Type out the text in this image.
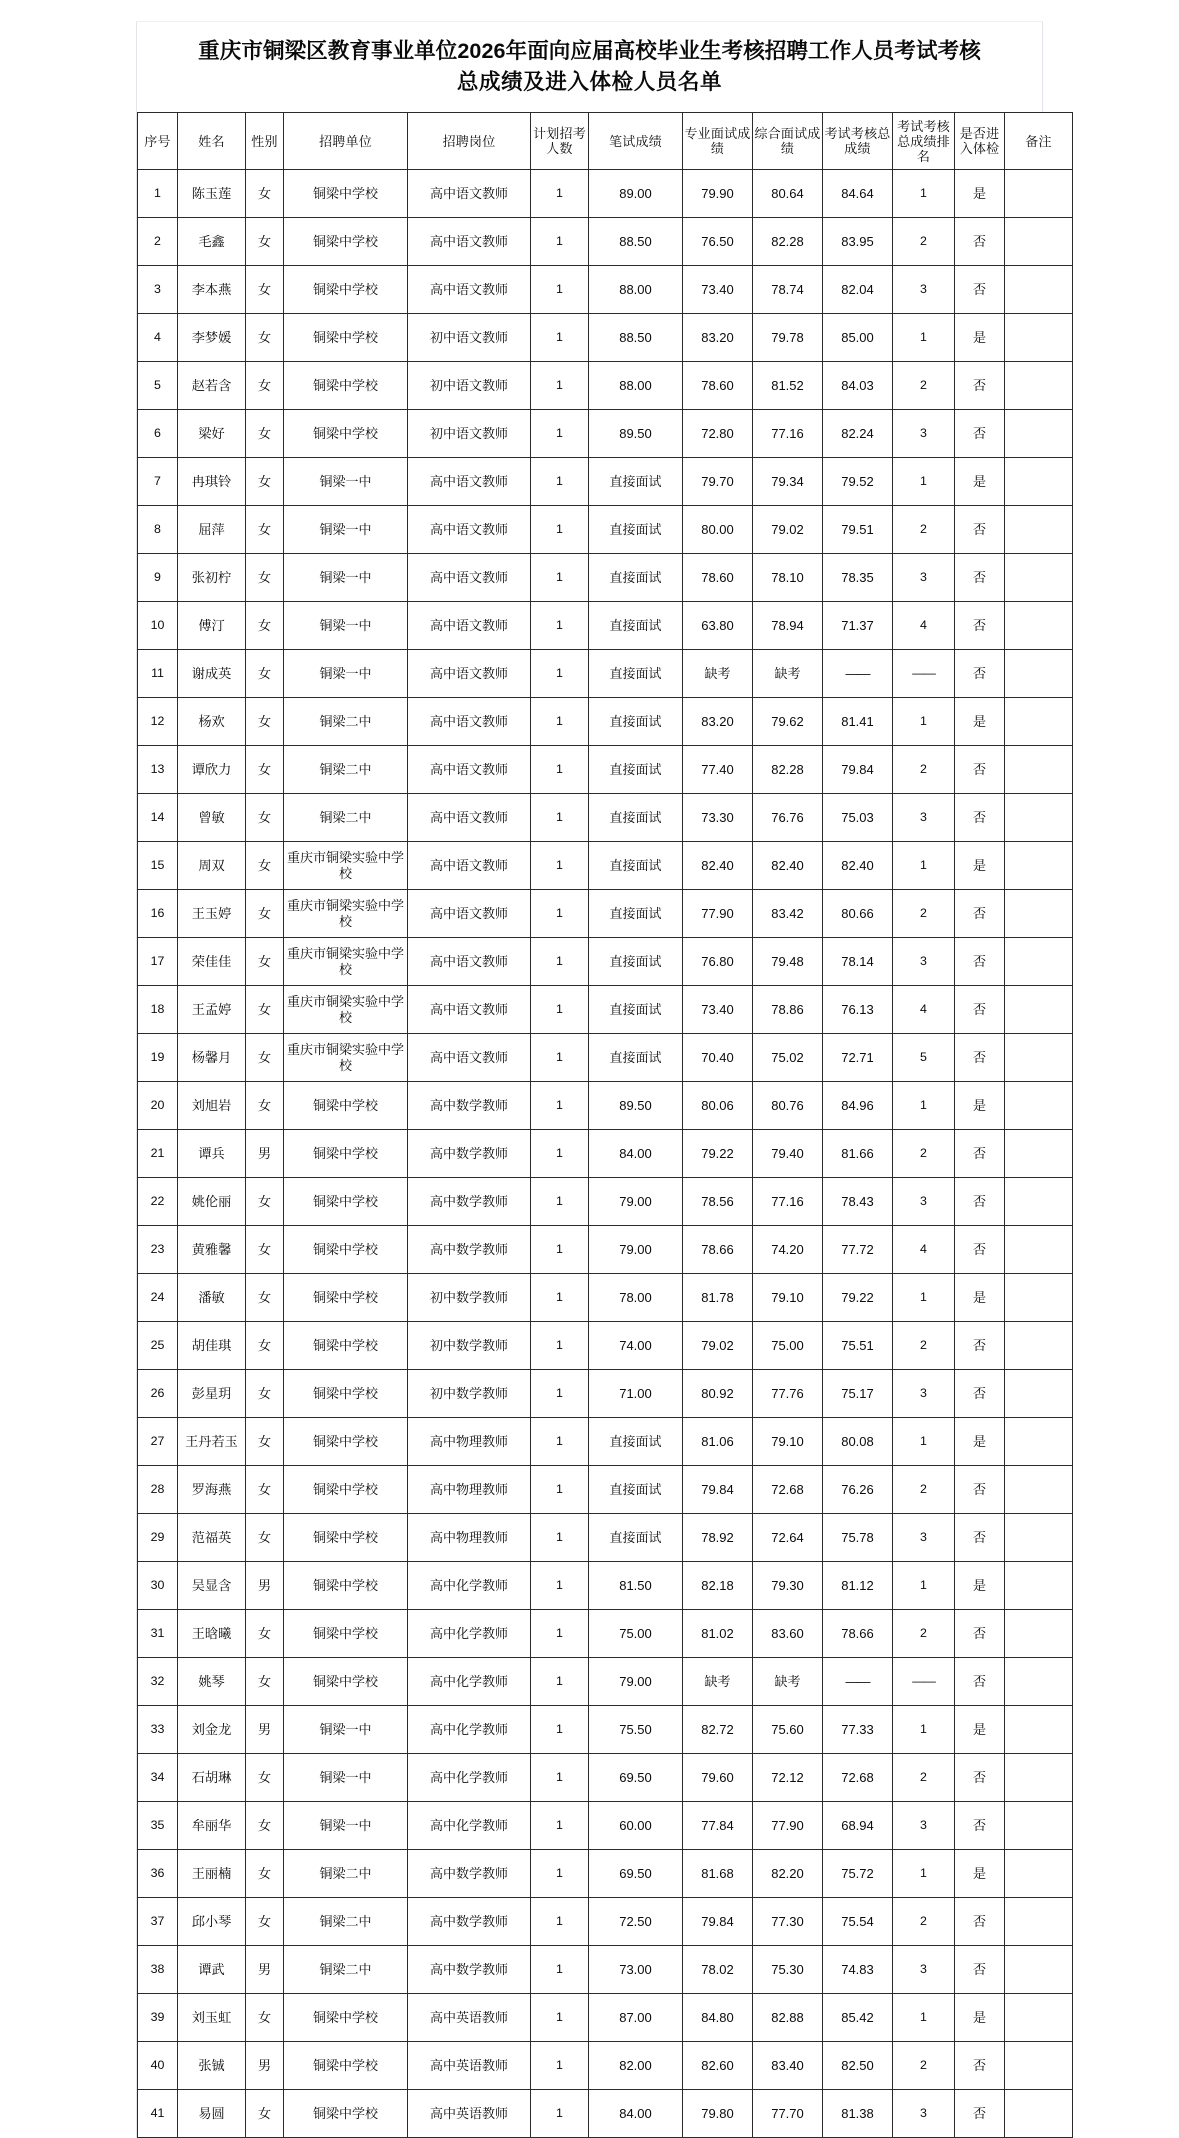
重庆市铜梁区教育事业单位2026年面向应届高校毕业生考核招聘工作人员考试考核
总成绩及进入体检人员名单
序号	姓名	性别	招聘单位	招聘岗位	计划招考人数	笔试成绩	专业面试成绩	综合面试成绩	考试考核总成绩	考试考核总成绩排名	是否进入体检	备注
1	陈玉莲	女	铜梁中学校	高中语文教师	1	89.00	79.90	80.64	84.64	1	是	
2	毛鑫	女	铜梁中学校	高中语文教师	1	88.50	76.50	82.28	83.95	2	否	
3	李本燕	女	铜梁中学校	高中语文教师	1	88.00	73.40	78.74	82.04	3	否	
4	李梦媛	女	铜梁中学校	初中语文教师	1	88.50	83.20	79.78	85.00	1	是	
5	赵若含	女	铜梁中学校	初中语文教师	1	88.00	78.60	81.52	84.03	2	否	
6	梁好	女	铜梁中学校	初中语文教师	1	89.50	72.80	77.16	82.24	3	否	
7	冉琪铃	女	铜梁一中	高中语文教师	1	直接面试	79.70	79.34	79.52	1	是	
8	屈萍	女	铜梁一中	高中语文教师	1	直接面试	80.00	79.02	79.51	2	否	
9	张初柠	女	铜梁一中	高中语文教师	1	直接面试	78.60	78.10	78.35	3	否	
10	傅汀	女	铜梁一中	高中语文教师	1	直接面试	63.80	78.94	71.37	4	否	
11	谢成英	女	铜梁一中	高中语文教师	1	直接面试	缺考	缺考	——	——	否	
12	杨欢	女	铜梁二中	高中语文教师	1	直接面试	83.20	79.62	81.41	1	是	
13	谭欣力	女	铜梁二中	高中语文教师	1	直接面试	77.40	82.28	79.84	2	否	
14	曾敏	女	铜梁二中	高中语文教师	1	直接面试	73.30	76.76	75.03	3	否	
15	周双	女	重庆市铜梁实验中学校	高中语文教师	1	直接面试	82.40	82.40	82.40	1	是	
16	王玉婷	女	重庆市铜梁实验中学校	高中语文教师	1	直接面试	77.90	83.42	80.66	2	否	
17	荣佳佳	女	重庆市铜梁实验中学校	高中语文教师	1	直接面试	76.80	79.48	78.14	3	否	
18	王孟婷	女	重庆市铜梁实验中学校	高中语文教师	1	直接面试	73.40	78.86	76.13	4	否	
19	杨馨月	女	重庆市铜梁实验中学校	高中语文教师	1	直接面试	70.40	75.02	72.71	5	否	
20	刘旭岩	女	铜梁中学校	高中数学教师	1	89.50	80.06	80.76	84.96	1	是	
21	谭兵	男	铜梁中学校	高中数学教师	1	84.00	79.22	79.40	81.66	2	否	
22	姚伦丽	女	铜梁中学校	高中数学教师	1	79.00	78.56	77.16	78.43	3	否	
23	黄雅馨	女	铜梁中学校	高中数学教师	1	79.00	78.66	74.20	77.72	4	否	
24	潘敏	女	铜梁中学校	初中数学教师	1	78.00	81.78	79.10	79.22	1	是	
25	胡佳琪	女	铜梁中学校	初中数学教师	1	74.00	79.02	75.00	75.51	2	否	
26	彭星玥	女	铜梁中学校	初中数学教师	1	71.00	80.92	77.76	75.17	3	否	
27	王丹若玉	女	铜梁中学校	高中物理教师	1	直接面试	81.06	79.10	80.08	1	是	
28	罗海燕	女	铜梁中学校	高中物理教师	1	直接面试	79.84	72.68	76.26	2	否	
29	范福英	女	铜梁中学校	高中物理教师	1	直接面试	78.92	72.64	75.78	3	否	
30	吴显含	男	铜梁中学校	高中化学教师	1	81.50	82.18	79.30	81.12	1	是	
31	王晗曦	女	铜梁中学校	高中化学教师	1	75.00	81.02	83.60	78.66	2	否	
32	姚琴	女	铜梁中学校	高中化学教师	1	79.00	缺考	缺考	——	——	否	
33	刘金龙	男	铜梁一中	高中化学教师	1	75.50	82.72	75.60	77.33	1	是	
34	石胡琳	女	铜梁一中	高中化学教师	1	69.50	79.60	72.12	72.68	2	否	
35	牟丽华	女	铜梁一中	高中化学教师	1	60.00	77.84	77.90	68.94	3	否	
36	王丽楠	女	铜梁二中	高中数学教师	1	69.50	81.68	82.20	75.72	1	是	
37	邱小琴	女	铜梁二中	高中数学教师	1	72.50	79.84	77.30	75.54	2	否	
38	谭武	男	铜梁二中	高中数学教师	1	73.00	78.02	75.30	74.83	3	否	
39	刘玉虹	女	铜梁中学校	高中英语教师	1	87.00	84.80	82.88	85.42	1	是	
40	张铖	男	铜梁中学校	高中英语教师	1	82.00	82.60	83.40	82.50	2	否	
41	易圆	女	铜梁中学校	高中英语教师	1	84.00	79.80	77.70	81.38	3	否	
